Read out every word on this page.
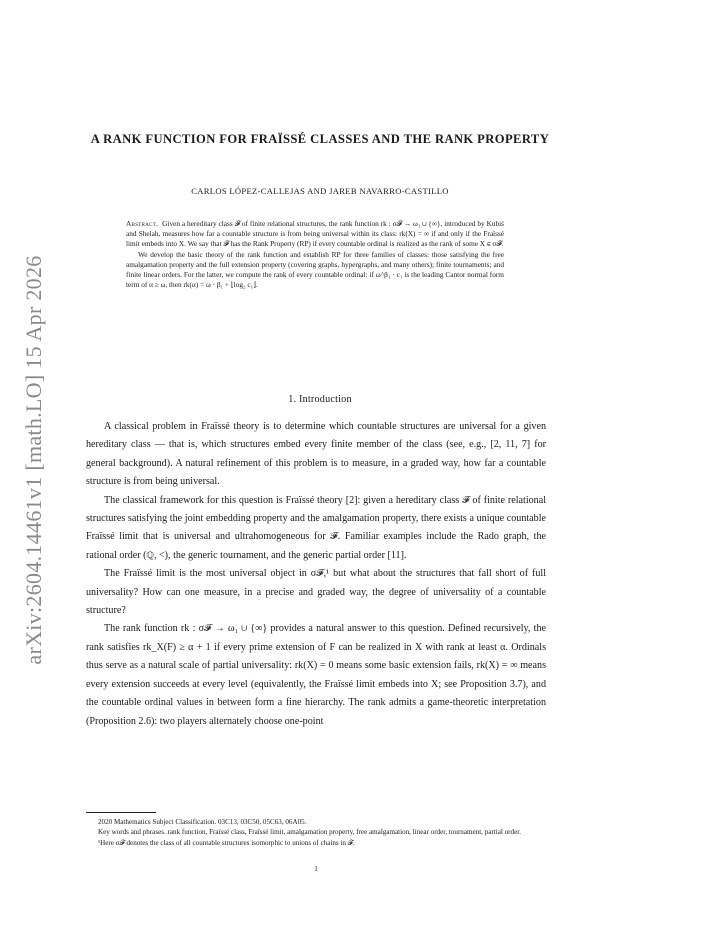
arXiv:2604.14461v1 [math.LO] 15 Apr 2026
A RANK FUNCTION FOR FRAÏSSÉ CLASSES AND THE RANK PROPERTY
CARLOS LÓPEZ-CALLEJAS AND JAREB NAVARRO-CASTILLO

Abstract. Given a hereditary class 𝓕 of finite relational structures, the rank function rk : σ𝓕 → ω₁ ∪ {∞}, introduced by Kubiś and Shelah, measures how far a countable structure is from being universal within its class: rk(X) = ∞ if and only if the Fraïssé limit embeds into X. We say that 𝓕 has the Rank Property (RP) if every countable ordinal is realized as the rank of some X ∈ σ𝓕.

We develop the basic theory of the rank function and establish RP for three families of classes: those satisfying the free amalgamation property and the full extension property (covering graphs, hypergraphs, and many others); finite tournaments; and finite linear orders. For the latter, we compute the rank of every countable ordinal: if ω^β₁ · c₁ is the leading Cantor normal form term of α ≥ ω, then rk(α) = ω · β₁ + ⌊log₂ c₁⌋.

1. Introduction

A classical problem in Fraïssé theory is to determine which countable structures are universal for a given hereditary class — that is, which structures embed every finite member of the class (see, e.g., [2, 11, 7] for general background). A natural refinement of this problem is to measure, in a graded way, how far a countable structure is from being universal.

The classical framework for this question is Fraïssé theory [2]: given a hereditary class 𝓕 of finite relational structures satisfying the joint embedding property and the amalgamation property, there exists a unique countable Fraïssé limit that is universal and ultrahomogeneous for 𝓕. Familiar examples include the Rado graph, the rational order (ℚ, <), the generic tournament, and the generic partial order [11].

The Fraïssé limit is the most universal object in σ𝓕,¹ but what about the structures that fall short of full universality? How can one measure, in a precise and graded way, the degree of universality of a countable structure?

The rank function rk : σ𝓕 → ω₁ ∪ {∞} provides a natural answer to this question. Defined recursively, the rank satisfies rk_X(F) ≥ α + 1 if every prime extension of F can be realized in X with rank at least α. Ordinals thus serve as a natural scale of partial universality: rk(X) = 0 means some basic extension fails, rk(X) = ∞ means every extension succeeds at every level (equivalently, the Fraïssé limit embeds into X; see Proposition 3.7), and the countable ordinal values in between form a fine hierarchy. The rank admits a game-theoretic interpretation (Proposition 2.6): two players alternately choose one-point

2020 Mathematics Subject Classification. 03C13, 03C50, 05C63, 06A05.

Key words and phrases. rank function, Fraïssé class, Fraïssé limit, amalgamation property, free amalgamation, linear order, tournament, partial order.

¹Here σ𝓕 denotes the class of all countable structures isomorphic to unions of chains in 𝓕.

1
